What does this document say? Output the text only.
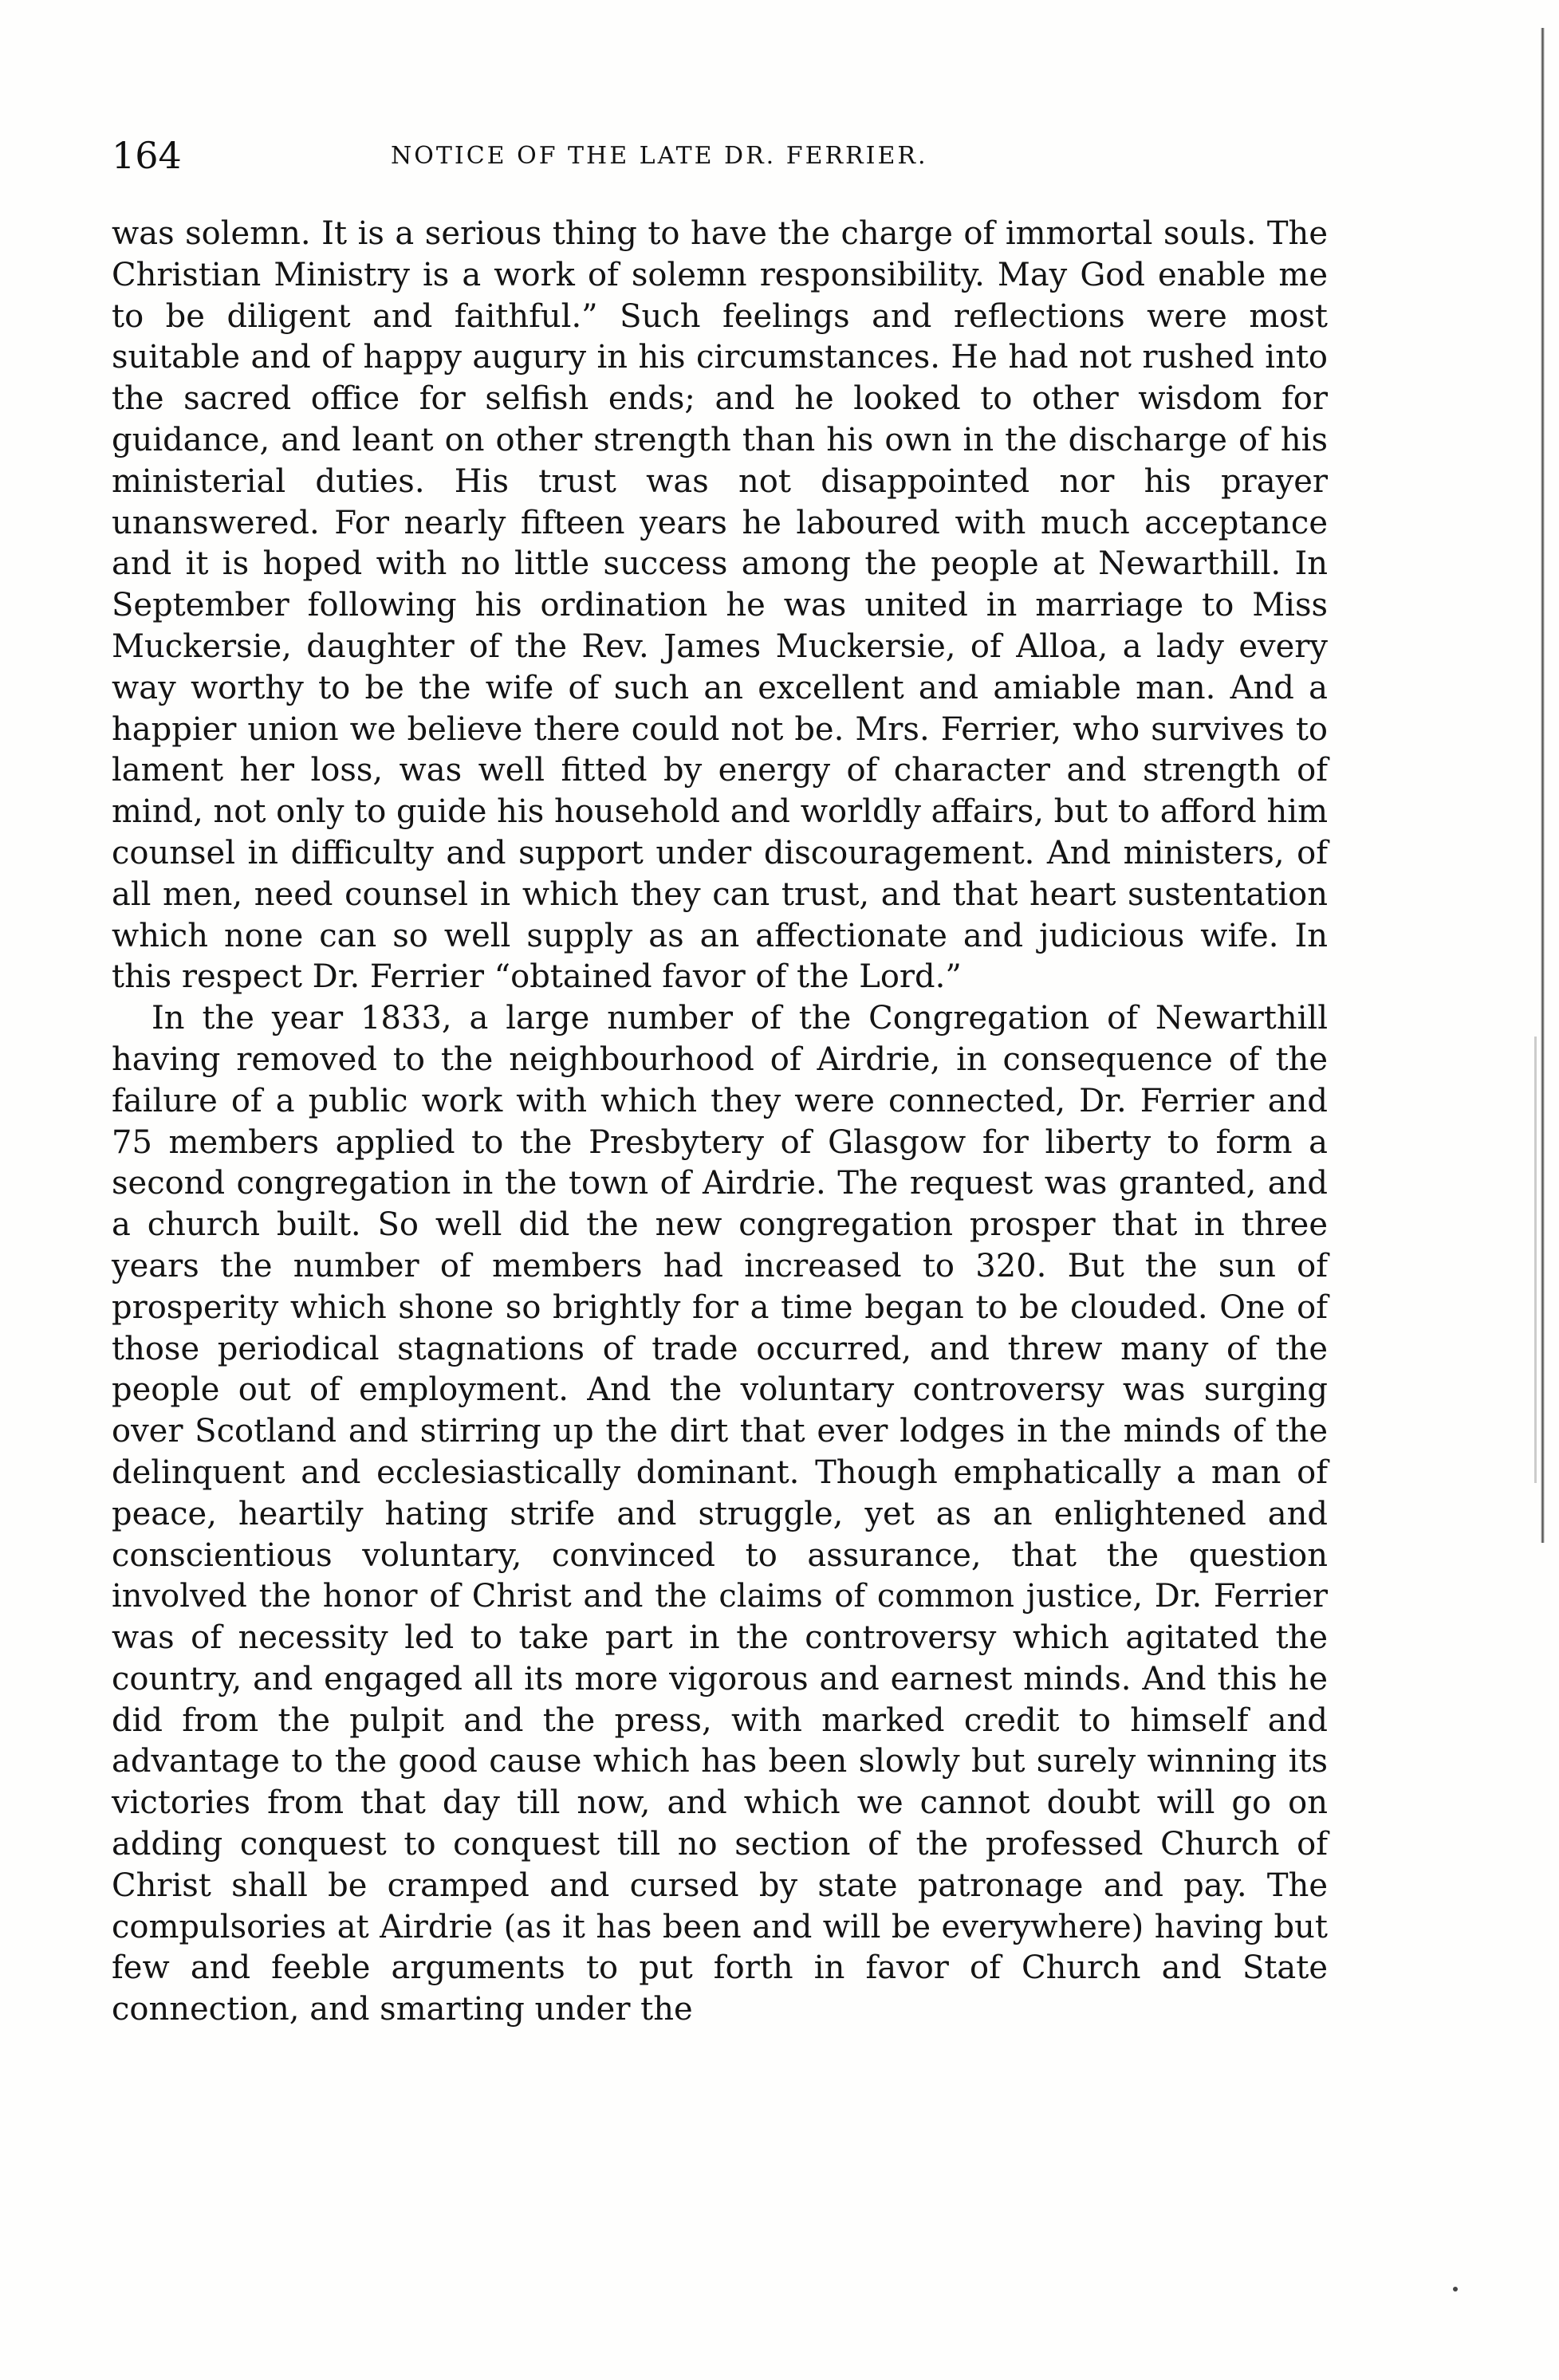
164	NOTICE OF THE LATE DR. FERRIER.

was solemn. It is a serious thing to have the charge of immortal souls. The Christian Ministry is a work of solemn responsibility. May God enable me to be diligent and faithful.” Such feelings and reflections were most suitable and of happy augury in his circumstances. He had not rushed into the sacred office for selfish ends; and he looked to other wisdom for guidance, and leant on other strength than his own in the discharge of his ministerial duties. His trust was not disappointed nor his prayer unanswered. For nearly fifteen years he laboured with much acceptance and it is hoped with no little success among the people at Newarthill. In September following his ordination he was united in marriage to Miss Muckersie, daughter of the Rev. James Muckersie, of Alloa, a lady every way worthy to be the wife of such an excellent and amiable man. And a happier union we believe there could not be. Mrs. Ferrier, who survives to lament her loss, was well fitted by energy of character and strength of mind, not only to guide his household and worldly affairs, but to afford him counsel in difficulty and support under discouragement. And ministers, of all men, need counsel in which they can trust, and that heart sustentation which none can so well supply as an affectionate and judicious wife. In this respect Dr. Ferrier “obtained favor of the Lord.”

In the year 1833, a large number of the Congregation of Newarthill having removed to the neighbourhood of Airdrie, in consequence of the failure of a public work with which they were connected, Dr. Ferrier and 75 members applied to the Presbytery of Glasgow for liberty to form a second congregation in the town of Airdrie. The request was granted, and a church built. So well did the new congregation prosper that in three years the number of members had increased to 320. But the sun of prosperity which shone so brightly for a time began to be clouded. One of those periodical stagnations of trade occurred, and threw many of the people out of employment. And the voluntary controversy was surging over Scotland and stirring up the dirt that ever lodges in the minds of the delinquent and ecclesiastically dominant. Though emphatically a man of peace, heartily hating strife and struggle, yet as an enlightened and conscientious voluntary, convinced to assurance, that the question involved the honor of Christ and the claims of common justice, Dr. Ferrier was of necessity led to take part in the controversy which agitated the country, and engaged all its more vigorous and earnest minds. And this he did from the pulpit and the press, with marked credit to himself and advantage to the good cause which has been slowly but surely winning its victories from that day till now, and which we cannot doubt will go on adding conquest to conquest till no section of the professed Church of Christ shall be cramped and cursed by state patronage and pay. The compulsories at Airdrie (as it has been and will be everywhere) having but few and feeble arguments to put forth in favor of Church and State connection, and smarting under the
